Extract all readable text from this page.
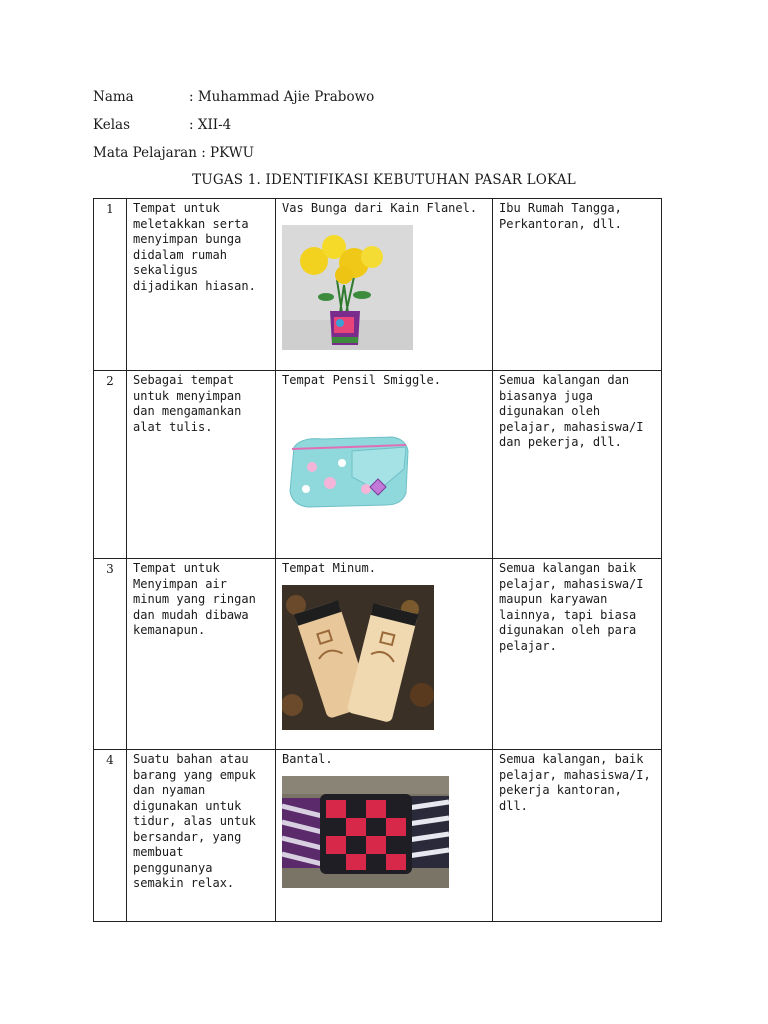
Nama	: Muhammad Ajie Prabowo
Kelas	: XII-4
Mata Pelajaran : PKWU
TUGAS 1. IDENTIFIKASI KEBUTUHAN PASAR LOKAL
1	Tempat untuk meletakkan serta menyimpan bunga didalam rumah sekaligus dijadikan hiasan.	Vas Bunga dari Kain Flanel.	Ibu Rumah Tangga, Perkantoran, dll.
2	Sebagai tempat untuk menyimpan dan mengamankan alat tulis.	Tempat Pensil Smiggle.	Semua kalangan dan biasanya juga digunakan oleh pelajar, mahasiswa/I dan pekerja, dll.
3	Tempat untuk Menyimpan air minum yang ringan dan mudah dibawa kemanapun.	Tempat Minum.	Semua kalangan baik pelajar, mahasiswa/I maupun karyawan lainnya, tapi biasa digunakan oleh para pelajar.
4	Suatu bahan atau barang yang empuk dan nyaman digunakan untuk tidur, alas untuk bersandar, yang membuat penggunanya semakin relax.	Bantal.	Semua kalangan, baik pelajar, mahasiswa/I, pekerja kantoran, dll.
